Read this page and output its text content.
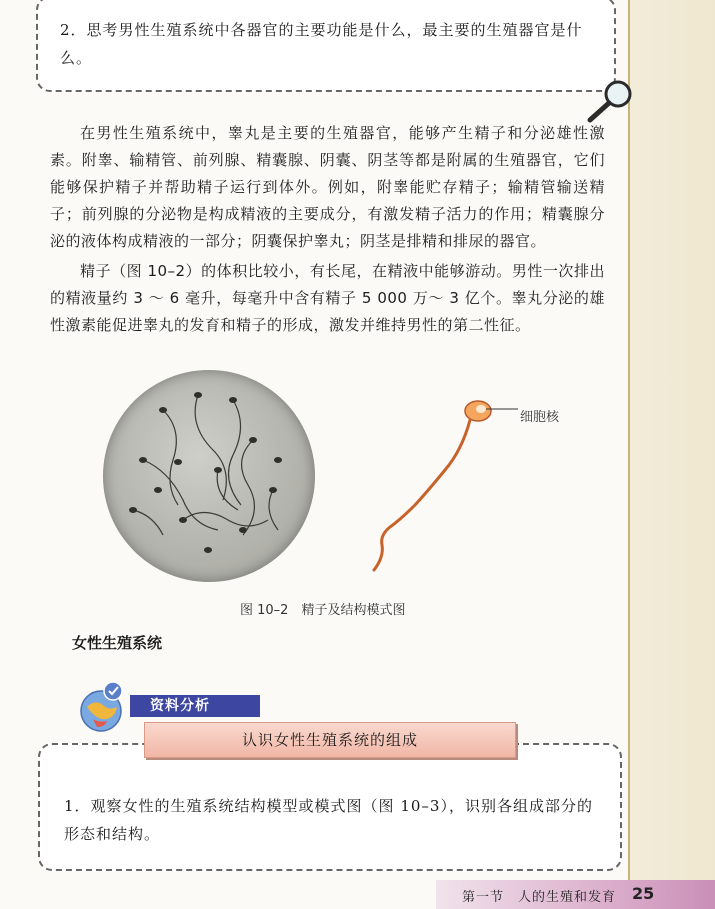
2．思考男性生殖系统中各器官的主要功能是什么，最主要的生殖器官是什么。
在男性生殖系统中，睾丸是主要的生殖器官，能够产生精子和分泌雄性激素。附睾、输精管、前列腺、精囊腺、阴囊、阴茎等都是附属的生殖器官，它们能够保护精子并帮助精子运行到体外。例如，附睾能贮存精子；输精管输送精子；前列腺的分泌物是构成精液的主要成分，有激发精子活力的作用；精囊腺分泌的液体构成精液的一部分；阴囊保护睾丸；阴茎是排精和排尿的器官。
精子（图 10–2）的体积比较小，有长尾，在精液中能够游动。男性一次排出的精液量约 3 ～ 6 毫升，每毫升中含有精子 5 000 万～ 3 亿个。睾丸分泌的雄性激素能促进睾丸的发育和精子的形成，激发并维持男性的第二性征。
细胞核
图 10–2　精子及结构模式图
女性生殖系统
资料分析
认识女性生殖系统的组成
1．观察女性的生殖系统结构模型或模式图（图 10–3），识别各组成部分的形态和结构。
第一节　人的生殖和发育 25
